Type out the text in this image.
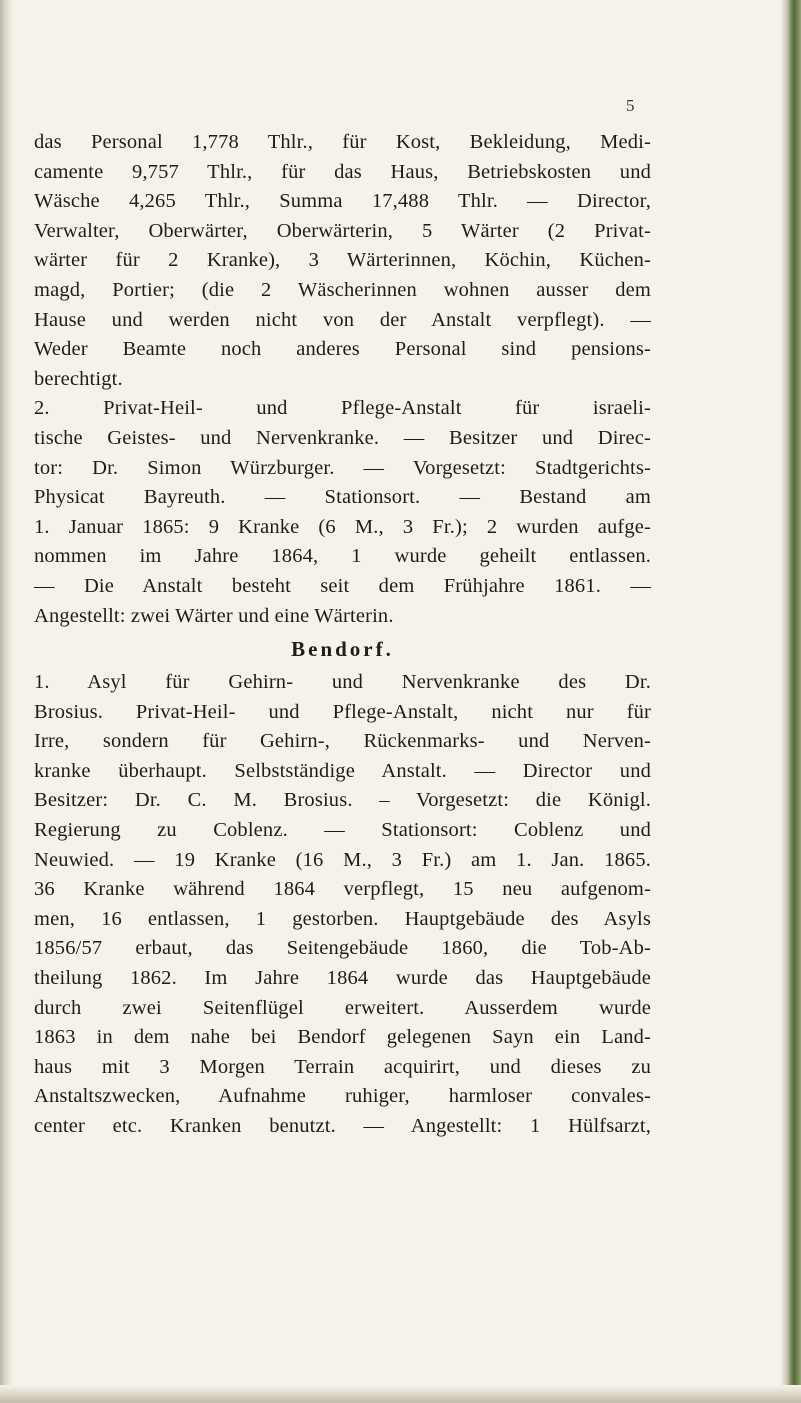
5
das Personal 1,778 Thlr., für Kost, Bekleidung, Medi-
camente 9,757 Thlr., für das Haus, Betriebskosten und
Wäsche 4,265 Thlr., Summa 17,488 Thlr. — Director,
Verwalter, Oberwärter, Oberwärterin, 5 Wärter (2 Privat-
wärter für 2 Kranke), 3 Wärterinnen, Köchin, Küchen-
magd, Portier; (die 2 Wäscherinnen wohnen ausser dem
Hause und werden nicht von der Anstalt verpflegt). —
Weder Beamte noch anderes Personal sind pensions-
berechtigt.
2. Privat-Heil- und Pflege-Anstalt für israeli-
tische Geistes- und Nervenkranke. — Besitzer und Direc-
tor: Dr. Simon Würzburger. — Vorgesetzt: Stadtgerichts-
Physicat Bayreuth. — Stationsort. — Bestand am
1. Januar 1865: 9 Kranke (6 M., 3 Fr.); 2 wurden aufge-
nommen im Jahre 1864, 1 wurde geheilt entlassen.
— Die Anstalt besteht seit dem Frühjahre 1861. —
Angestellt: zwei Wärter und eine Wärterin.
Bendorf.
1. Asyl für Gehirn- und Nervenkranke des Dr.
Brosius. Privat-Heil- und Pflege-Anstalt, nicht nur für
Irre, sondern für Gehirn-, Rückenmarks- und Nerven-
kranke überhaupt. Selbstständige Anstalt. — Director und
Besitzer: Dr. C. M. Brosius. – Vorgesetzt: die Königl.
Regierung zu Coblenz. — Stationsort: Coblenz und
Neuwied. — 19 Kranke (16 M., 3 Fr.) am 1. Jan. 1865.
36 Kranke während 1864 verpflegt, 15 neu aufgenom-
men, 16 entlassen, 1 gestorben. Hauptgebäude des Asyls
1856/57 erbaut, das Seitengebäude 1860, die Tob-Ab-
theilung 1862. Im Jahre 1864 wurde das Hauptgebäude
durch zwei Seitenflügel erweitert. Ausserdem wurde
1863 in dem nahe bei Bendorf gelegenen Sayn ein Land-
haus mit 3 Morgen Terrain acquirirt, und dieses zu
Anstaltszwecken, Aufnahme ruhiger, harmloser convales-
center etc. Kranken benutzt. — Angestellt: 1 Hülfsarzt,
